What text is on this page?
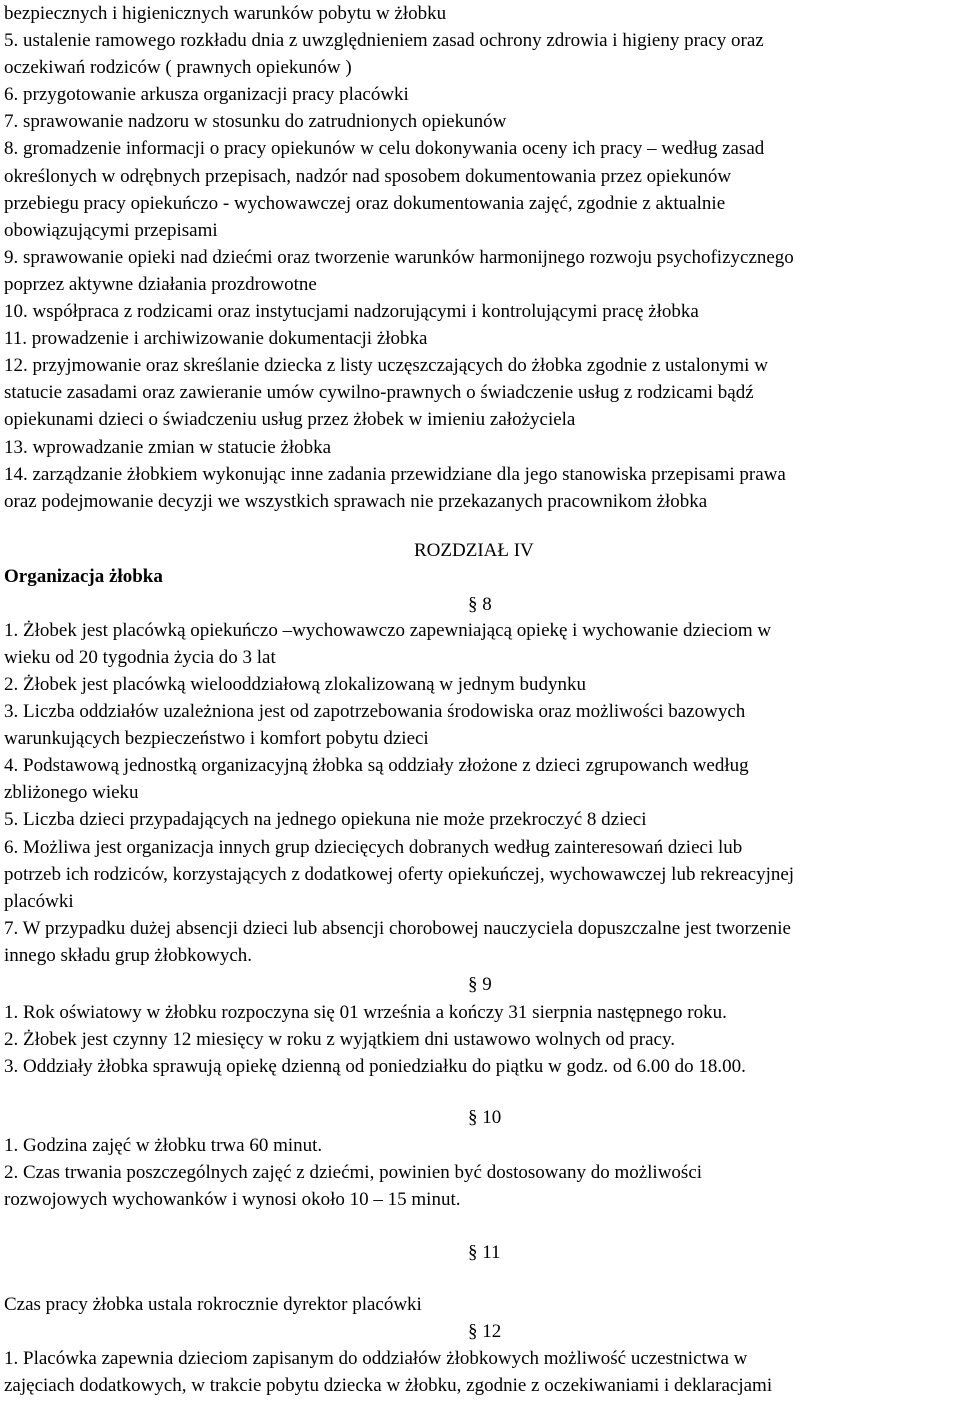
bezpiecznych i higienicznych warunków pobytu w żłobku
5. ustalenie ramowego rozkładu dnia z uwzględnieniem zasad ochrony zdrowia i higieny pracy oraz
oczekiwań rodziców ( prawnych opiekunów )
6. przygotowanie arkusza organizacji pracy placówki
7. sprawowanie nadzoru w stosunku do zatrudnionych opiekunów
8. gromadzenie informacji o pracy opiekunów w celu dokonywania oceny ich pracy – według zasad
określonych w odrębnych przepisach, nadzór nad sposobem dokumentowania przez opiekunów
przebiegu pracy opiekuńczo - wychowawczej oraz dokumentowania zajęć, zgodnie z aktualnie
obowiązującymi przepisami
9. sprawowanie opieki nad dziećmi oraz tworzenie warunków harmonijnego rozwoju psychofizycznego
poprzez aktywne działania prozdrowotne
10. współpraca z rodzicami oraz instytucjami nadzorującymi i kontrolującymi pracę żłobka
11. prowadzenie i archiwizowanie dokumentacji żłobka
12. przyjmowanie oraz skreślanie dziecka z listy uczęszczających do żłobka zgodnie z ustalonymi w
statucie zasadami oraz zawieranie umów cywilno-prawnych o świadczenie usług z rodzicami bądź
opiekunami dzieci o świadczeniu usług przez żłobek w imieniu założyciela
13. wprowadzanie zmian w statucie żłobka
14. zarządzanie żłobkiem wykonując inne zadania przewidziane dla jego stanowiska przepisami prawa
oraz podejmowanie decyzji we wszystkich sprawach nie przekazanych pracownikom żłobka
ROZDZIAŁ IV
Organizacja żłobka
§ 8
1. Żłobek jest placówką opiekuńczo –wychowawczo zapewniającą opiekę i wychowanie dzieciom w
wieku od 20 tygodnia życia do 3 lat
2. Żłobek jest placówką wielooddziałową zlokalizowaną w jednym budynku
3. Liczba oddziałów uzależniona jest od zapotrzebowania środowiska oraz możliwości bazowych
warunkujących bezpieczeństwo i komfort pobytu dzieci
4. Podstawową jednostką organizacyjną żłobka są oddziały złożone z dzieci zgrupowanch według
zbliżonego wieku
5. Liczba dzieci przypadających na jednego opiekuna nie może przekroczyć 8 dzieci
6. Możliwa jest organizacja innych grup dziecięcych dobranych według zainteresowań dzieci lub
potrzeb ich rodziców, korzystających z dodatkowej oferty opiekuńczej, wychowawczej lub rekreacyjnej
placówki
7. W przypadku dużej absencji dzieci lub absencji chorobowej nauczyciela dopuszczalne jest tworzenie
innego składu grup żłobkowych.
§ 9
1. Rok oświatowy w żłobku rozpoczyna się 01 września a kończy 31 sierpnia następnego roku.
2. Żłobek jest czynny 12 miesięcy w roku z wyjątkiem dni ustawowo wolnych od pracy.
3. Oddziały żłobka sprawują opiekę dzienną od poniedziałku do piątku w godz. od 6.00 do 18.00.
§ 10
1. Godzina zajęć w żłobku trwa 60 minut.
2. Czas trwania poszczególnych zajęć z dziećmi, powinien być dostosowany do możliwości
rozwojowych wychowanków i wynosi około 10 – 15 minut.
§ 11
Czas pracy żłobka ustala rokrocznie dyrektor placówki
§ 12
1. Placówka zapewnia dzieciom zapisanym do oddziałów żłobkowych możliwość uczestnictwa w
zajęciach dodatkowych, w trakcie pobytu dziecka w żłobku, zgodnie z oczekiwaniami i deklaracjami
